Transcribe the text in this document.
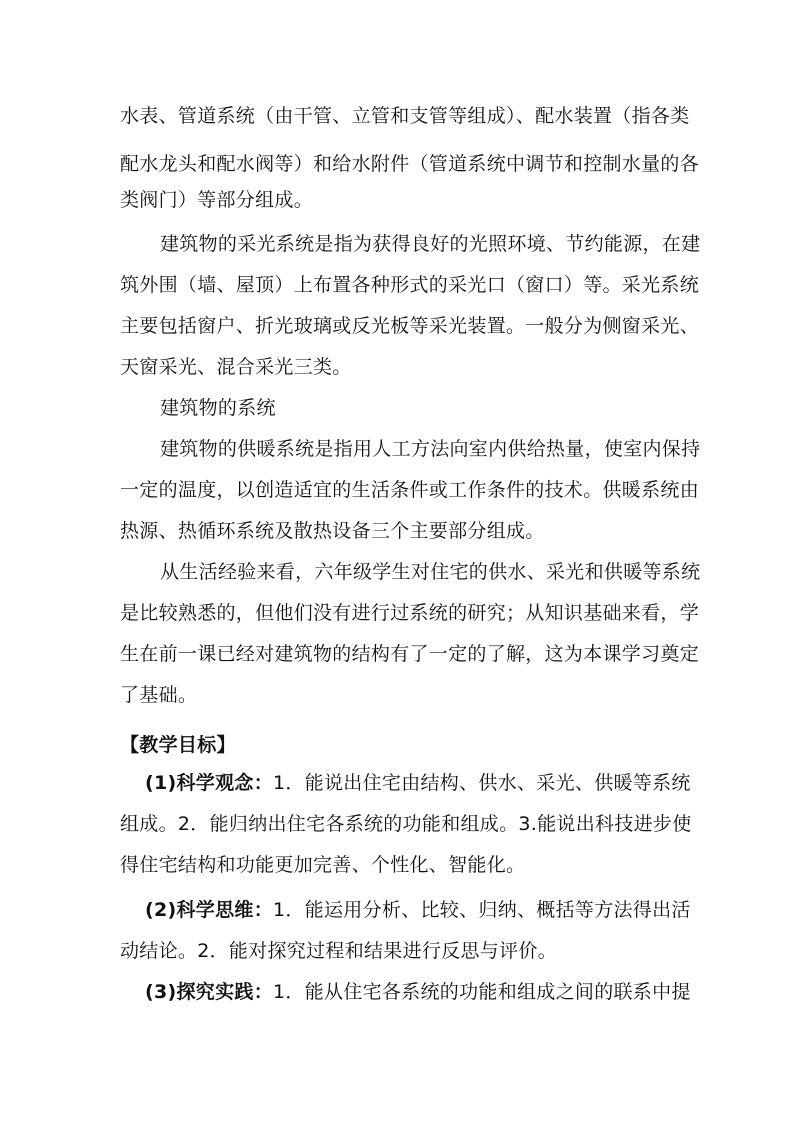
水表、管道系统（由干管、立管和支管等组成）、配水装置（指各类
配水龙头和配水阀等）和给水附件（管道系统中调节和控制水量的各
类阀门）等部分组成。
建筑物的采光系统是指为获得良好的光照环境、节约能源，在建
筑外围（墙、屋顶）上布置各种形式的采光口（窗口）等。采光系统
主要包括窗户、折光玻璃或反光板等采光装置。一般分为侧窗采光、
天窗采光、混合采光三类。
建筑物的系统
建筑物的供暖系统是指用人工方法向室内供给热量，使室内保持
一定的温度，以创造适宜的生活条件或工作条件的技术。供暖系统由
热源、热循环系统及散热设备三个主要部分组成。
从生活经验来看，六年级学生对住宅的供水、采光和供暖等系统
是比较熟悉的，但他们没有进行过系统的研究；从知识基础来看，学
生在前一课已经对建筑物的结构有了一定的了解，这为本课学习奠定
了基础。
【教学目标】
(1)科学观念：1．能说出住宅由结构、供水、采光、供暖等系统
组成。2．能归纳出住宅各系统的功能和组成。3.能说出科技进步使
得住宅结构和功能更加完善、个性化、智能化。
(2)科学思维：1．能运用分析、比较、归纳、概括等方法得出活
动结论。2．能对探究过程和结果进行反思与评价。
(3)探究实践：1．能从住宅各系统的功能和组成之间的联系中提
